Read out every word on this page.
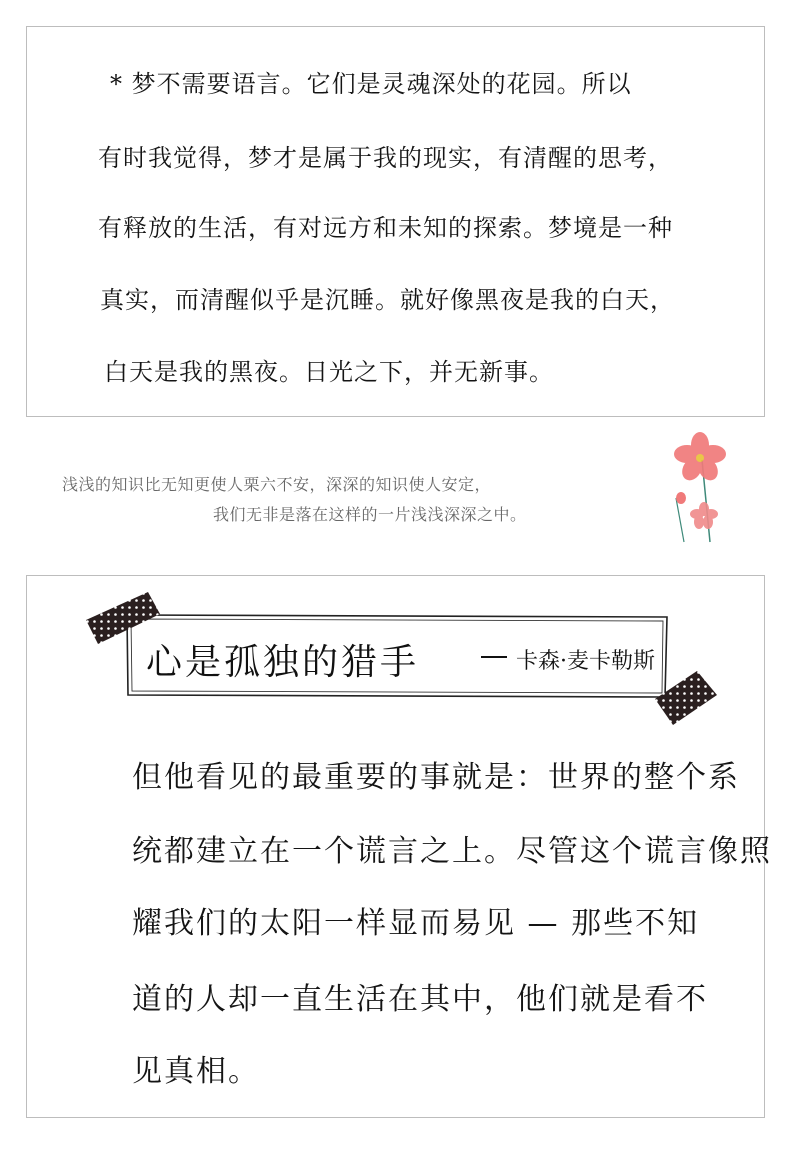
* 梦不需要语言。它们是灵魂深处的花园。所以
有时我觉得，梦才是属于我的现实，有清醒的思考，
有释放的生活，有对远方和未知的探索。梦境是一种
真实，而清醒似乎是沉睡。就好像黑夜是我的白天，
白天是我的黑夜。日光之下，并无新事。
浅浅的知识比无知更使人栗六不安，深深的知识使人安定，
我们无非是落在这样的一片浅浅深深之中。
心是孤独的猎手	卡森·麦卡勒斯
但他看见的最重要的事就是：世界的整个系
统都建立在一个谎言之上。尽管这个谎言像照
耀我们的太阳一样显而易见 — 那些不知
道的人却一直生活在其中，他们就是看不
见真相。
